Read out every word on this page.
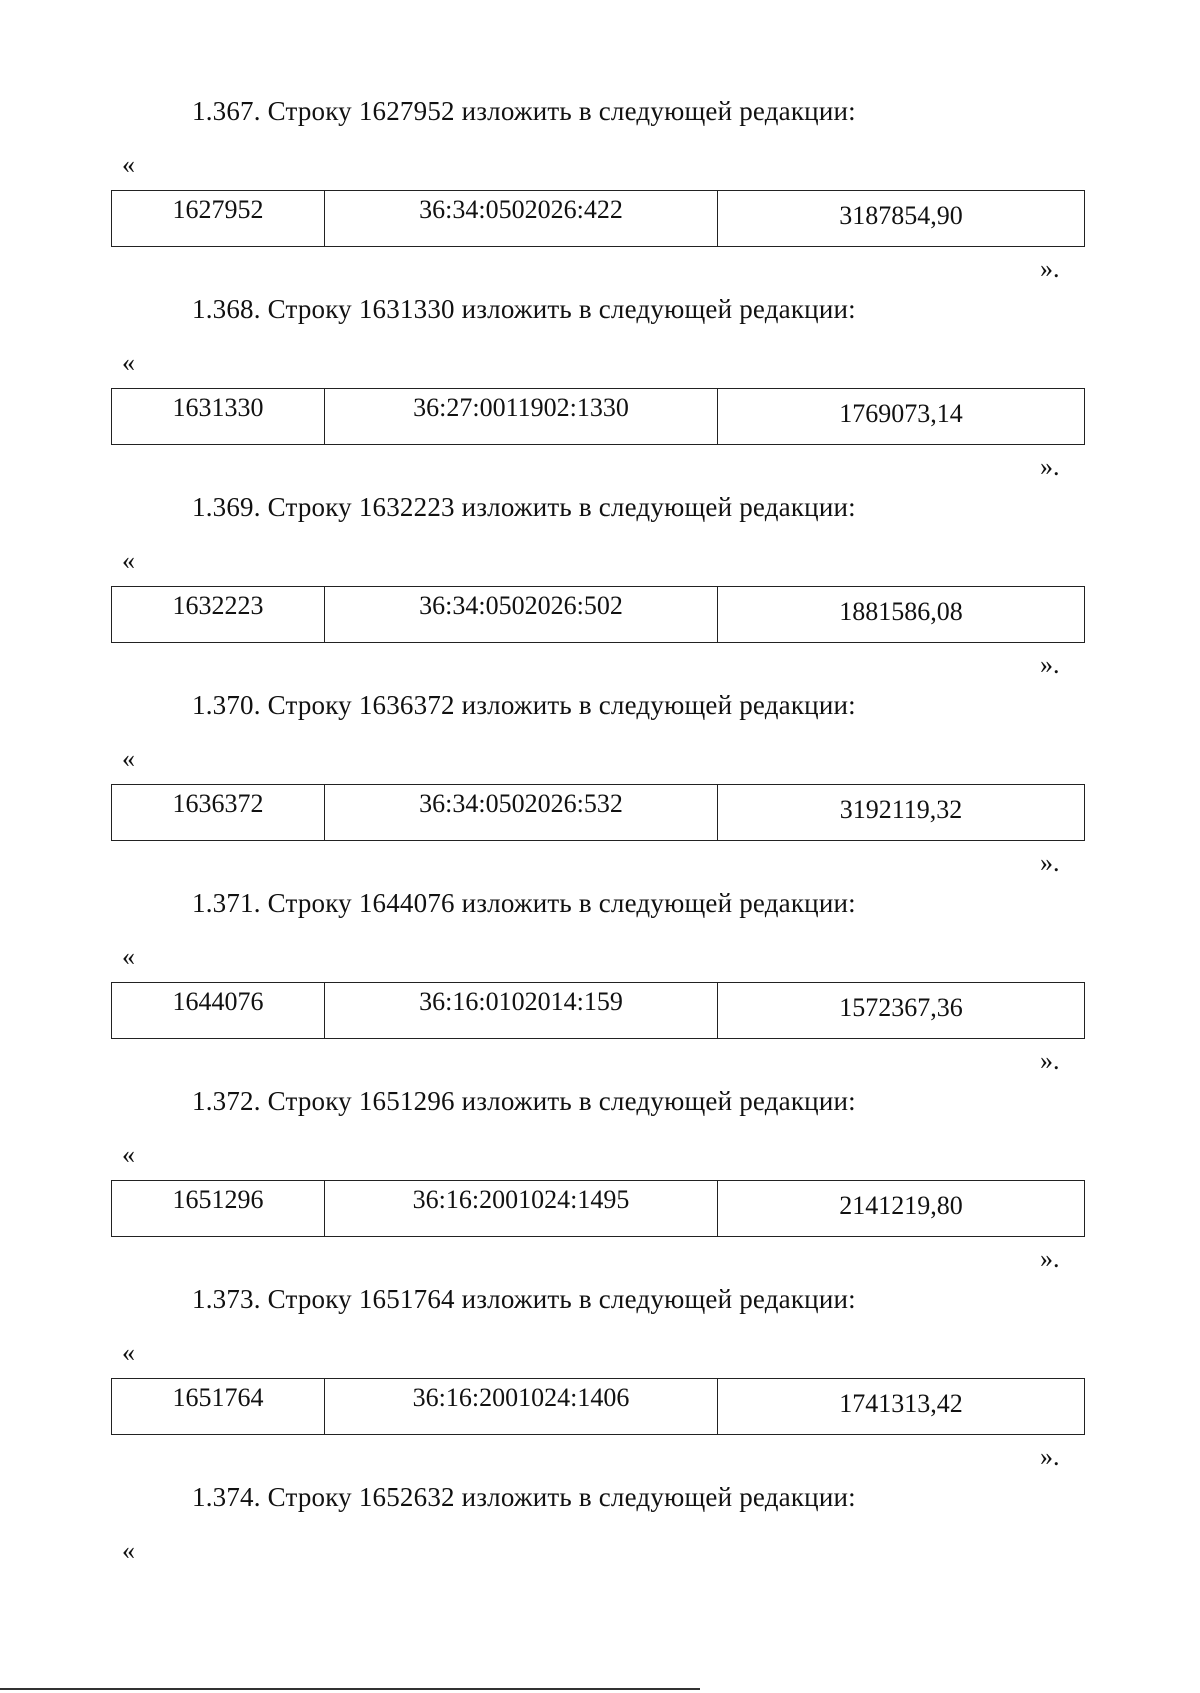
1.367. Строку 1627952 изложить в следующей редакции:
«
1627952	36:34:0502026:422	3187854,90
».
1.368. Строку 1631330 изложить в следующей редакции:
«
1631330	36:27:0011902:1330	1769073,14
».
1.369. Строку 1632223 изложить в следующей редакции:
«
1632223	36:34:0502026:502	1881586,08
».
1.370. Строку 1636372 изложить в следующей редакции:
«
1636372	36:34:0502026:532	3192119,32
».
1.371. Строку 1644076 изложить в следующей редакции:
«
1644076	36:16:0102014:159	1572367,36
».
1.372. Строку 1651296 изложить в следующей редакции:
«
1651296	36:16:2001024:1495	2141219,80
».
1.373. Строку 1651764 изложить в следующей редакции:
«
1651764	36:16:2001024:1406	1741313,42
».
1.374. Строку 1652632 изложить в следующей редакции:
«
